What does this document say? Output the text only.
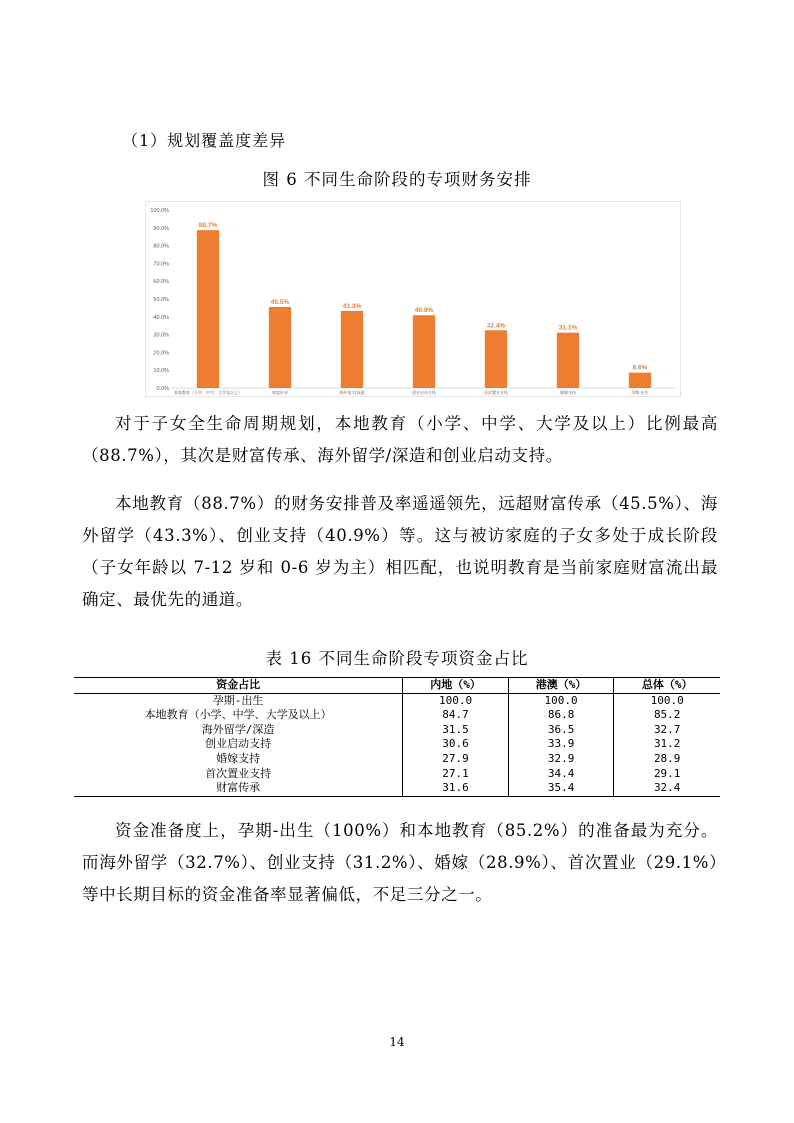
（1）规划覆盖度差异
图 6 不同生命阶段的专项财务安排
0.0%
10.0%
20.0%
30.0%
40.0%
50.0%
60.0%
70.0%
80.0%
90.0%
100.0%
88.7%
本地教育（小学、中学、大学及以上）
45.5%
财富传承
43.3%
海外留学/深造
40.9%
创业启动支持
32.4%
首次置业支持
31.1%
婚嫁支持
8.6%
孕期-出生
对于子女全生命周期规划，本地教育（小学、中学、大学及以上）比例最高（88.7%），其次是财富传承、海外留学/深造和创业启动支持。
本地教育（88.7%）的财务安排普及率遥遥领先，远超财富传承（45.5%）、海外留学（43.3%）、创业支持（40.9%）等。这与被访家庭的子女多处于成长阶段（子女年龄以 7-12 岁和 0-6 岁为主）相匹配，也说明教育是当前家庭财富流出最确定、最优先的通道。
表 16 不同生命阶段专项资金占比
资金占比	内地（%）	港澳（%）	总体（%）
孕期-出生	100.0	100.0	100.0
本地教育（小学、中学、大学及以上）	84.7	86.8	85.2
海外留学/深造	31.5	36.5	32.7
创业启动支持	30.6	33.9	31.2
婚嫁支持	27.9	32.9	28.9
首次置业支持	27.1	34.4	29.1
财富传承	31.6	35.4	32.4
资金准备度上，孕期-出生（100%）和本地教育（85.2%）的准备最为充分。而海外留学（32.7%）、创业支持（31.2%）、婚嫁（28.9%）、首次置业（29.1%）等中长期目标的资金准备率显著偏低，不足三分之一。
14
